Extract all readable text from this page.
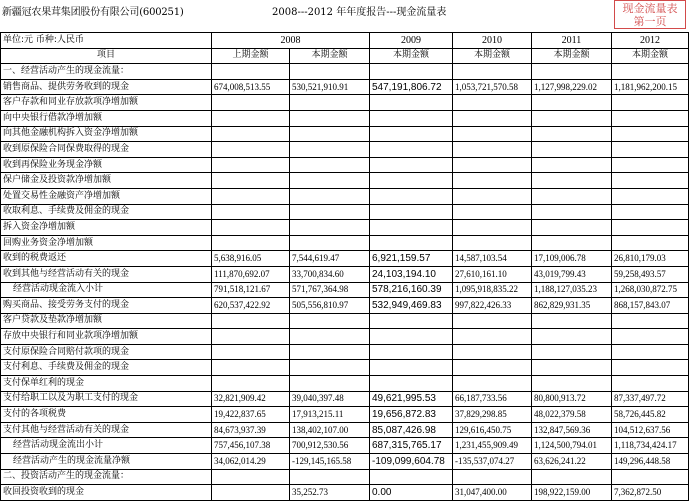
新疆冠农果茸集团股份有限公司(600251)	2008---2012 年年度报告---现金流量表	现金流量表
第一页
单位:元 币种:人民币	2008		2009	2010	2011	2012
项目	上期金额	本期金额	本期金额	本期金额	本期金额	本期金额
一、经营活动产生的现金流量：						
销售商品、提供劳务收到的现金	674,008,513.55	530,521,910.91	547,191,806.72	1,053,721,570.58	1,127,998,229.02	1,181,962,200.15
客户存款和同业存放款项净增加额						
向中央银行借款净增加额						
向其他金融机构拆入资金净增加额						
收到原保险合同保费取得的现金						
收到再保险业务现金净额						
保户储金及投资款净增加额						
处置交易性金融资产净增加额						
收取利息、手续费及佣金的现金						
拆入资金净增加额						
回购业务资金净增加额						
收到的税费返还	5,638,916.05	7,544,619.47	6,921,159.57	14,587,103.54	17,109,006.78	26,810,179.03
收到其他与经营活动有关的现金	111,870,692.07	33,700,834.60	24,103,194.10	27,610,161.10	43,019,799.43	59,258,493.57
经营活动现金流入小计	791,518,121.67	571,767,364.98	578,216,160.39	1,095,918,835.22	1,188,127,035.23	1,268,030,872.75
购买商品、接受劳务支付的现金	620,537,422.92	505,556,810.97	532,949,469.83	997,822,426.33	862,829,931.35	868,157,843.07
客户贷款及垫款净增加额						
存放中央银行和同业款项净增加额						
支付原保险合同赔付款项的现金						
支付利息、手续费及佣金的现金						
支付保单红利的现金						
支付给职工以及为职工支付的现金	32,821,909.42	39,040,397.48	49,621,995.53	66,187,733.56	80,800,913.72	87,337,497.72
支付的各项税费	19,422,837.65	17,913,215.11	19,656,872.83	37,829,298.85	48,022,379.58	58,726,445.82
支付其他与经营活动有关的现金	84,673,937.39	138,402,107.00	85,087,426.98	129,616,450.75	132,847,569.36	104,512,637.56
经营活动现金流出小计	757,456,107.38	700,912,530.56	687,315,765.17	1,231,455,909.49	1,124,500,794.01	1,118,734,424.17
经营活动产生的现金流量净额	34,062,014.29	-129,145,165.58	-109,099,604.78	-135,537,074.27	63,626,241.22	149,296,448.58
二、投资活动产生的现金流量：						
收回投资收到的现金		35,252.73	0.00	31,047,400.00	198,922,159.00	7,362,872.50
